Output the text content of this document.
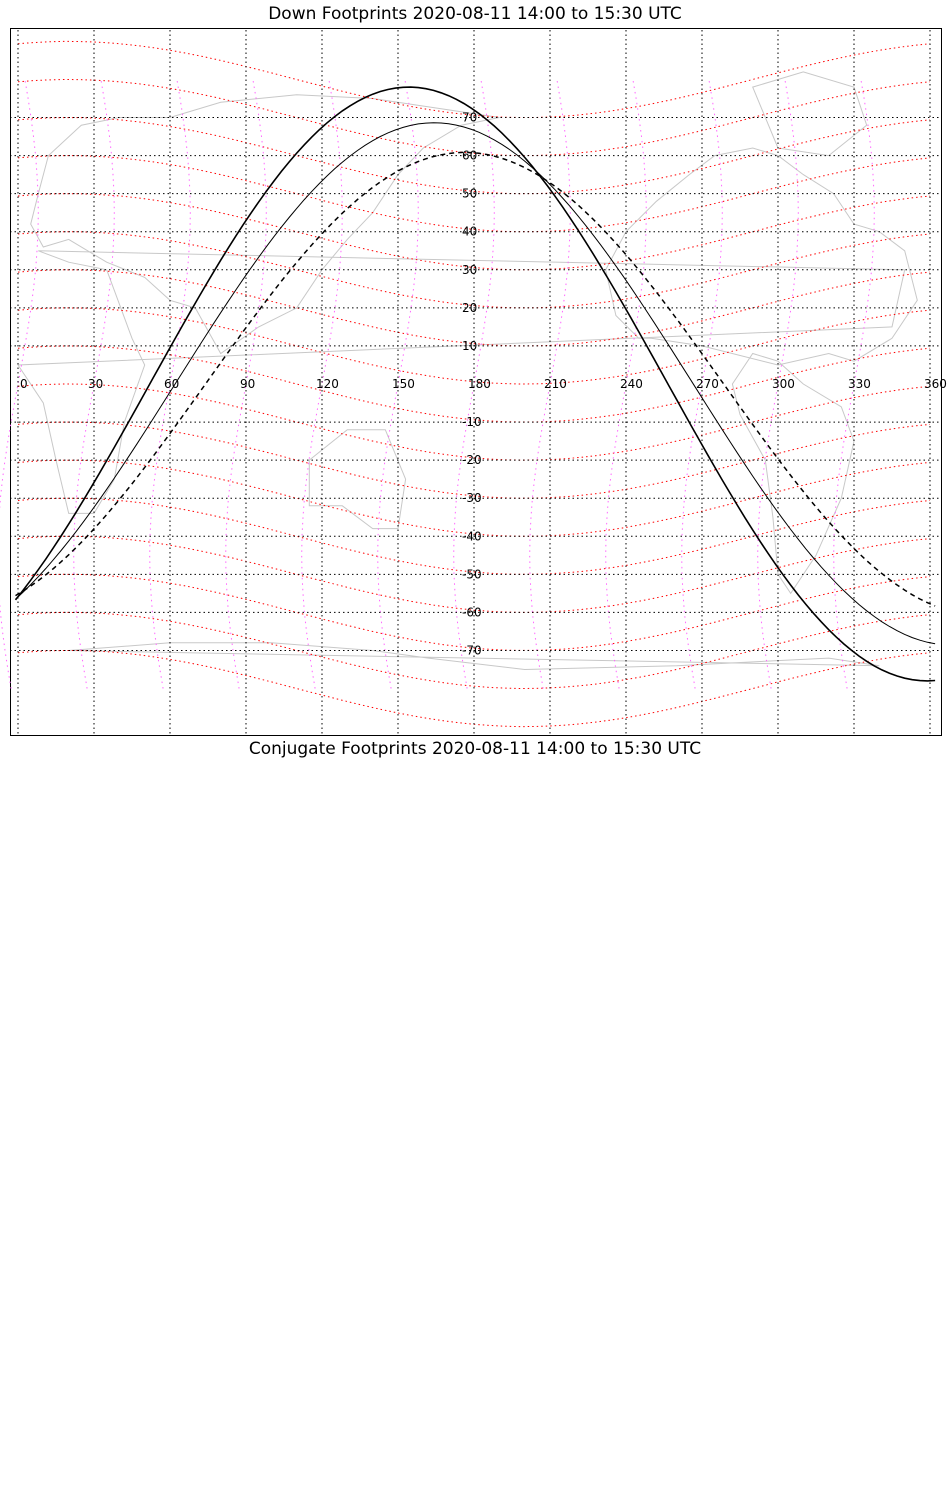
Down Footprints 2020-08-11 14:00 to 15:30 UTC
0	30	60	90	120	150	180	210	240	270	300	330	360
70
60
50
40
30
20
10
-10
-20
-30
-40
-50
-60
-70
Conjugate Footprints 2020-08-11 14:00 to 15:30 UTC
